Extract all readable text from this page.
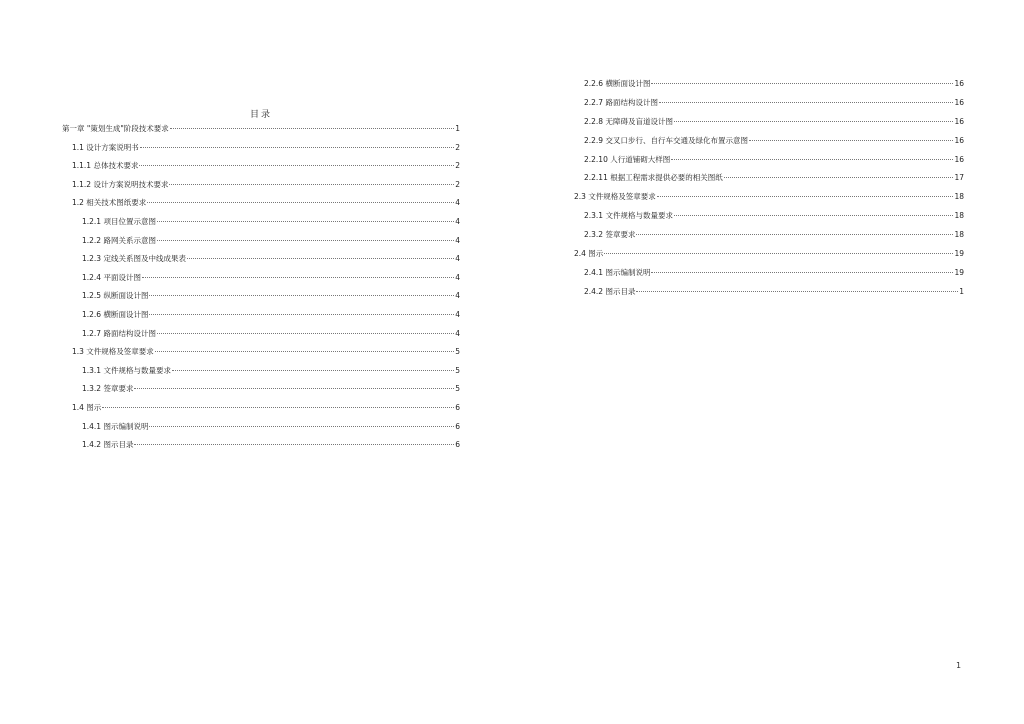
目录
第一章 "策划生成"阶段技术要求	1
1.1 设计方案说明书	2
1.1.1 总体技术要求	2
1.1.2 设计方案说明技术要求	2
1.2 相关技术图纸要求	4
1.2.1 项目位置示意图	4
1.2.2 路网关系示意图	4
1.2.3 定线关系图及中线成果表	4
1.2.4 平面设计图	4
1.2.5 纵断面设计图	4
1.2.6 横断面设计图	4
1.2.7 路面结构设计图	4
1.3 文件规格及签章要求	5
1.3.1 文件规格与数量要求	5
1.3.2 签章要求	5
1.4 图示	6
1.4.1 图示编制说明	6
1.4.2 图示目录	6
2.2.6 横断面设计图	16
2.2.7 路面结构设计图	16
2.2.8 无障碍及盲道设计图	16
2.2.9 交叉口步行、自行车交通及绿化布置示意图	16
2.2.10 人行道铺砌大样图	16
2.2.11 根据工程需求提供必要的相关图纸	17
2.3 文件规格及签章要求	18
2.3.1 文件规格与数量要求	18
2.3.2 签章要求	18
2.4 图示	19
2.4.1 图示编制说明	19
2.4.2 图示目录	1
1
